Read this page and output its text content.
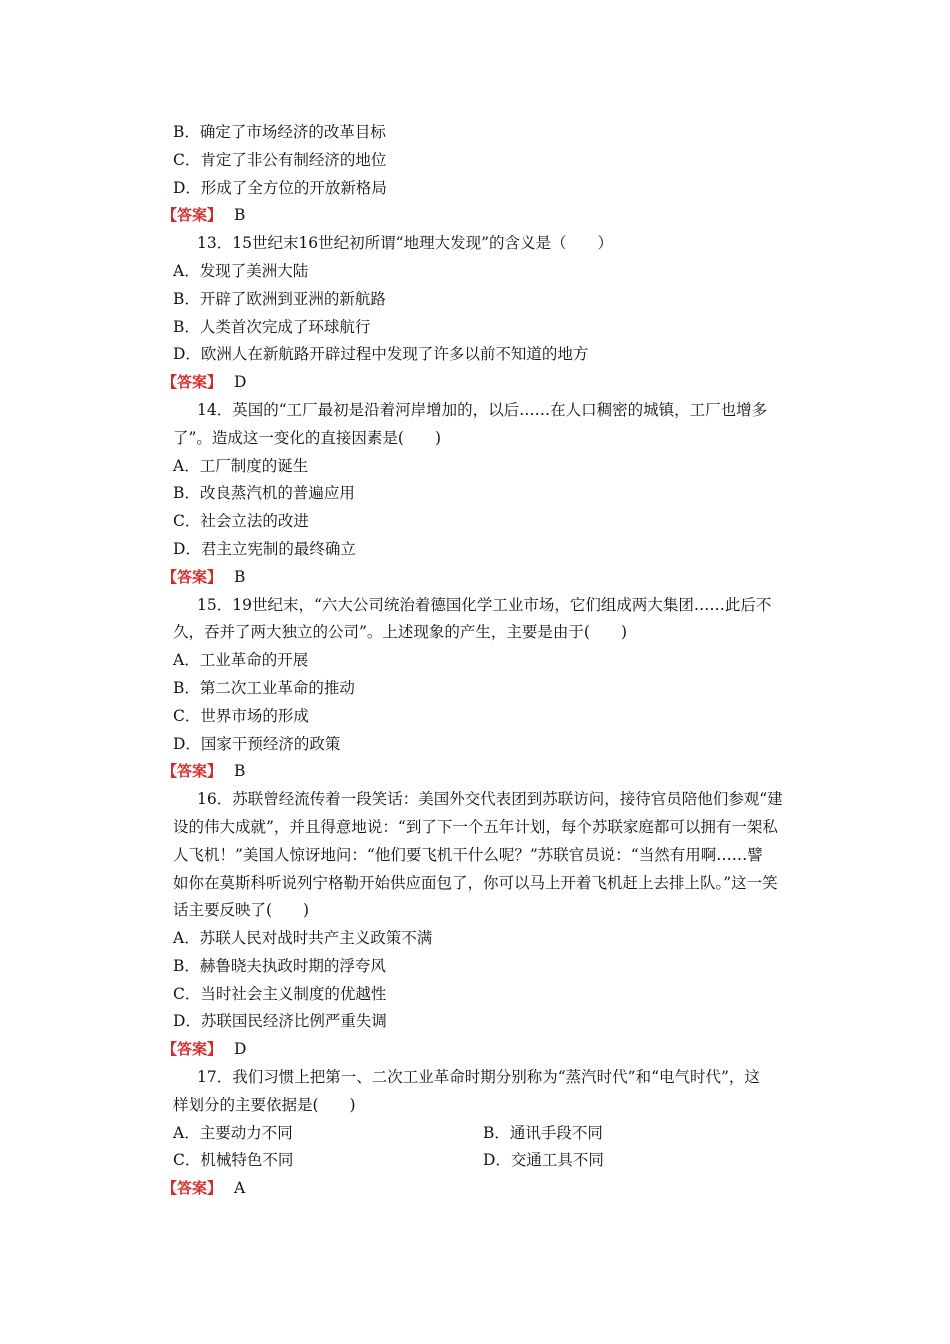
B．确定了市场经济的改革目标
C．肯定了非公有制经济的地位
D．形成了全方位的开放新格局
【答案】 B
13．15世纪末16世纪初所谓“地理大发现”的含义是（　　）
A．发现了美洲大陆
B．开辟了欧洲到亚洲的新航路
B．人类首次完成了环球航行
D．欧洲人在新航路开辟过程中发现了许多以前不知道的地方
【答案】 D
14．英国的“工厂最初是沿着河岸增加的，以后……在人口稠密的城镇，工厂也增多
了”。造成这一变化的直接因素是(　　)
A．工厂制度的诞生
B．改良蒸汽机的普遍应用
C．社会立法的改进
D．君主立宪制的最终确立
【答案】 B
15．19世纪末，“六大公司统治着德国化学工业市场，它们组成两大集团……此后不
久，吞并了两大独立的公司”。上述现象的产生，主要是由于(　　)
A．工业革命的开展
B．第二次工业革命的推动
C．世界市场的形成
D．国家干预经济的政策
【答案】 B
16．苏联曾经流传着一段笑话：美国外交代表团到苏联访问，接待官员陪他们参观“建
设的伟大成就”，并且得意地说：“到了下一个五年计划，每个苏联家庭都可以拥有一架私
人飞机！”美国人惊讶地问：“他们要飞机干什么呢？”苏联官员说：“当然有用啊……譬
如你在莫斯科听说列宁格勒开始供应面包了，你可以马上开着飞机赶上去排上队。”这一笑
话主要反映了(　　)
A．苏联人民对战时共产主义政策不满
B．赫鲁晓夫执政时期的浮夸风
C．当时社会主义制度的优越性
D．苏联国民经济比例严重失调
【答案】 D
17．我们习惯上把第一、二次工业革命时期分别称为“蒸汽时代”和“电气时代”，这
样划分的主要依据是(　　)
A．主要动力不同	B．通讯手段不同
C．机械特色不同	D．交通工具不同
【答案】 A
